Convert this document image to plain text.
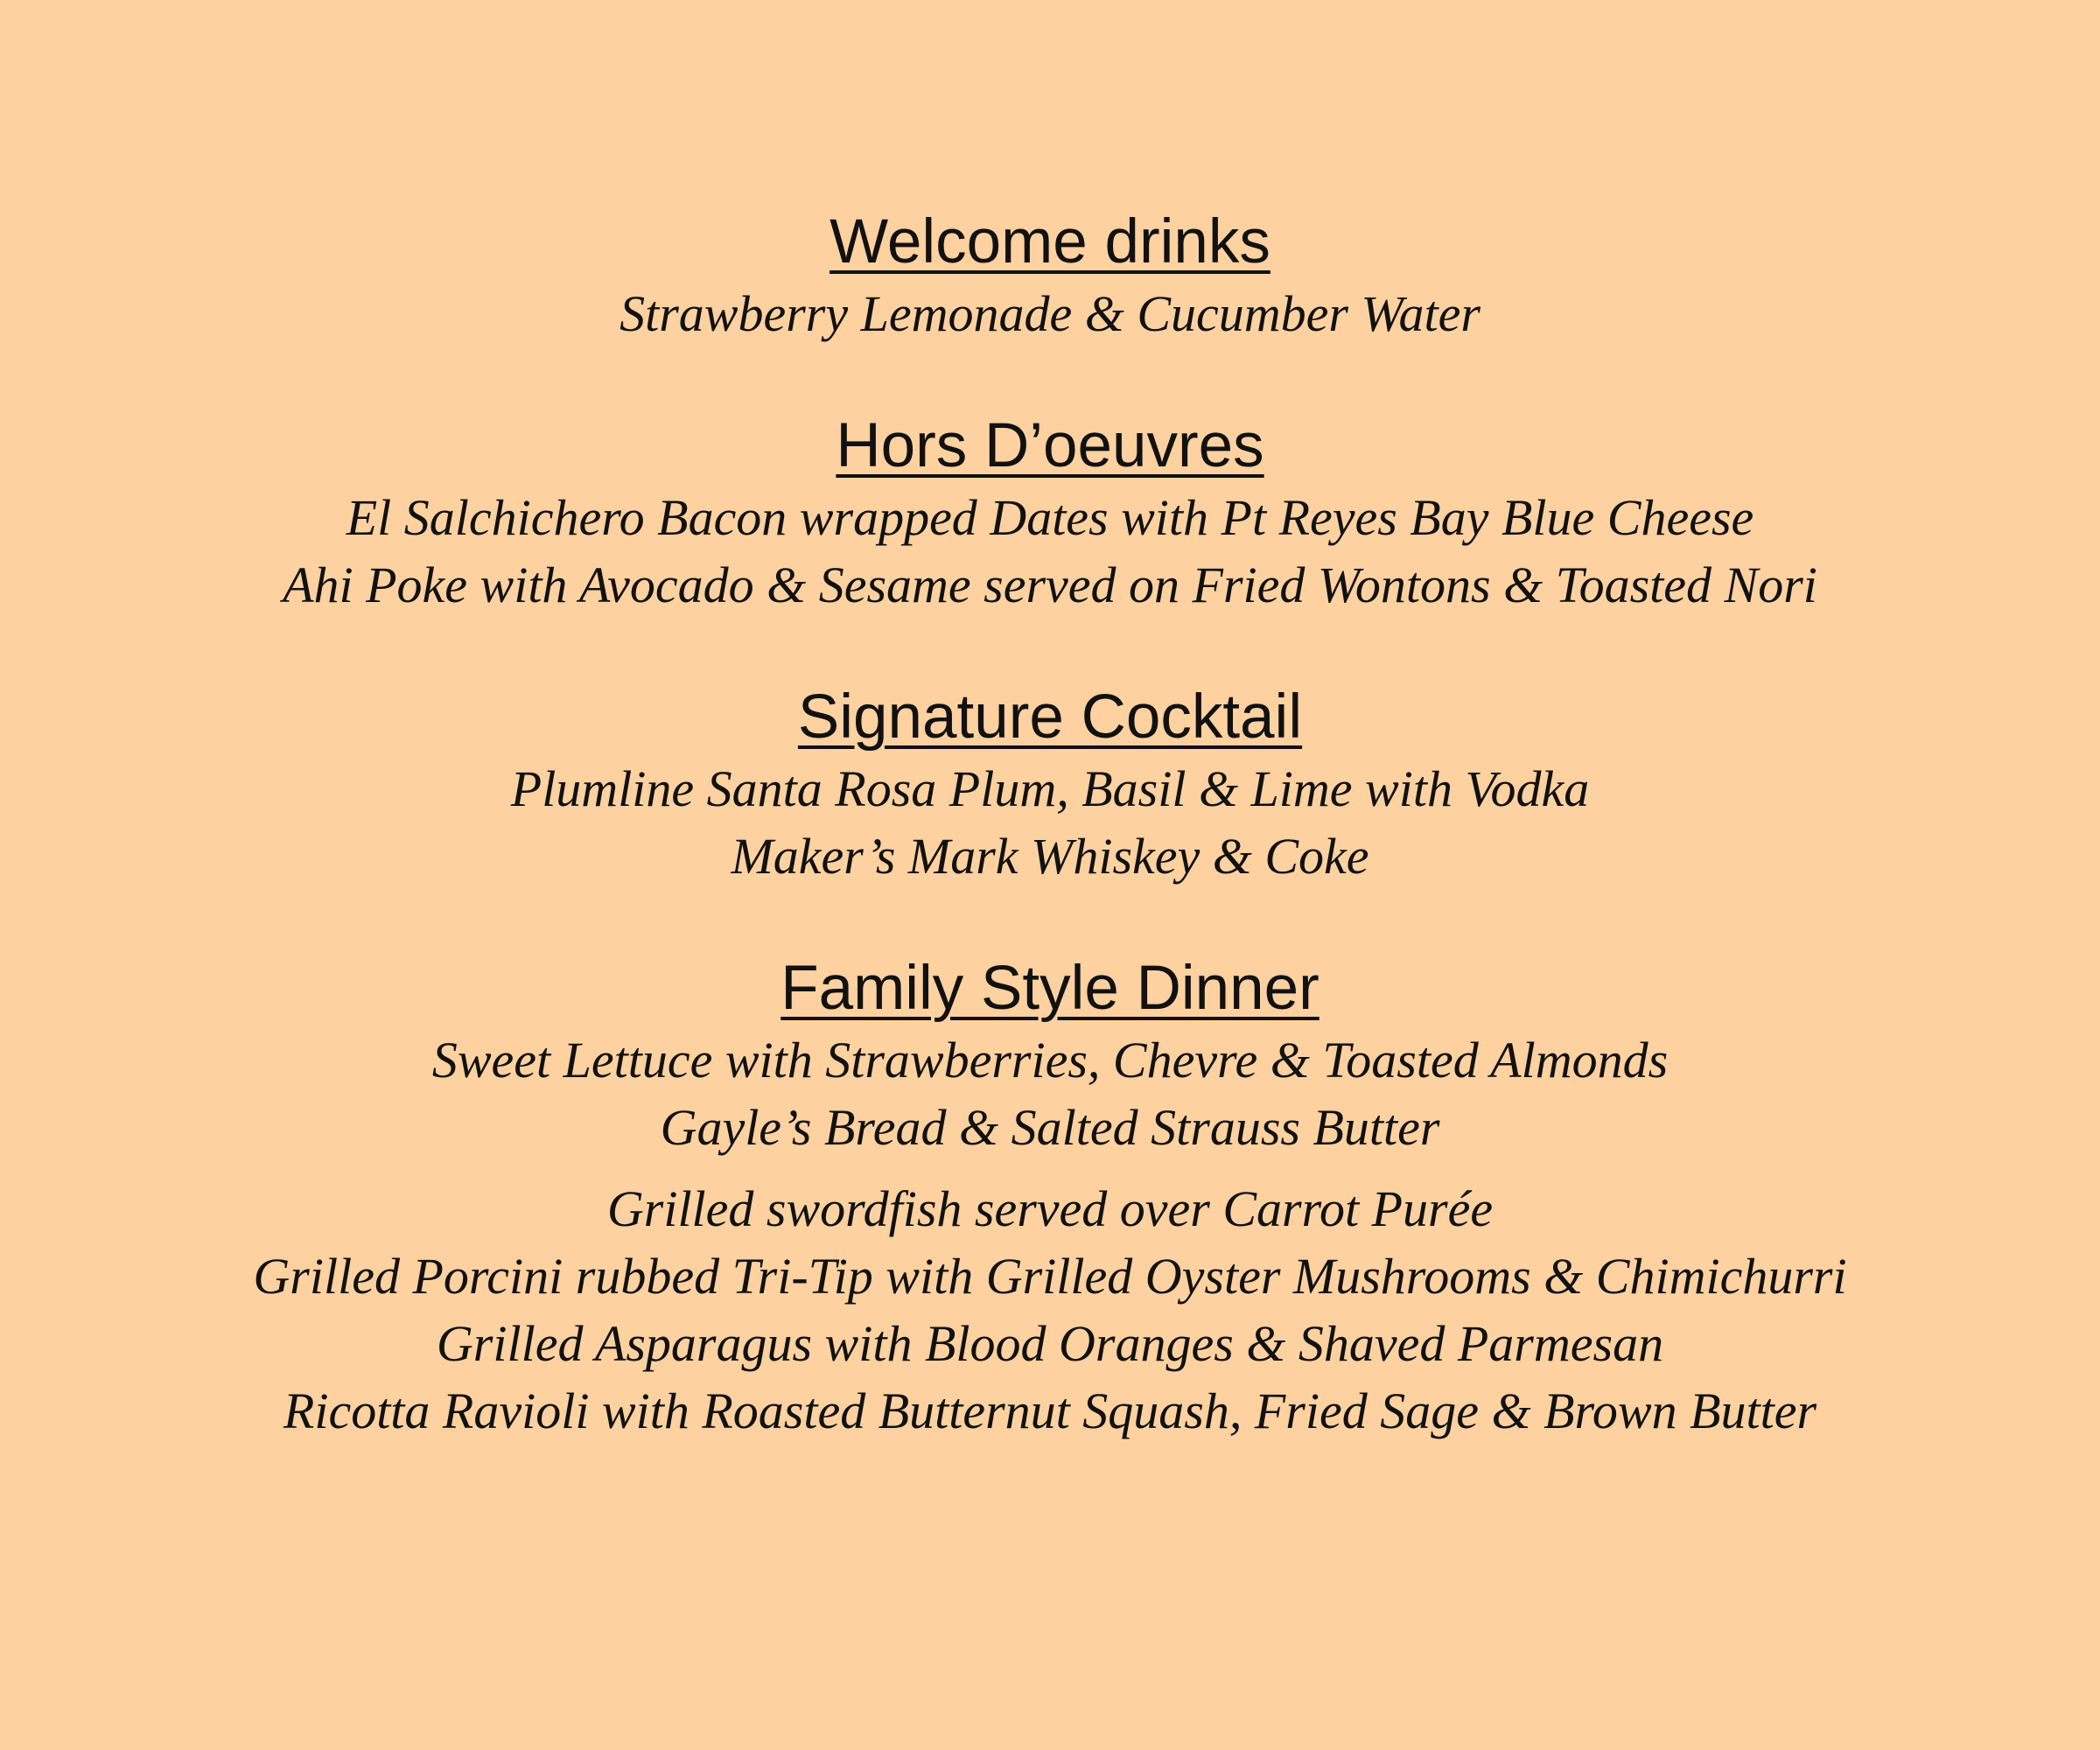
Welcome drinks
Strawberry Lemonade & Cucumber Water
Hors D’oeuvres
El Salchichero Bacon wrapped Dates with Pt Reyes Bay Blue Cheese
Ahi Poke with Avocado & Sesame served on Fried Wontons & Toasted Nori
Signature Cocktail
Plumline Santa Rosa Plum, Basil & Lime with Vodka
Maker’s Mark Whiskey & Coke
Family Style Dinner
Sweet Lettuce with Strawberries, Chevre & Toasted Almonds
Gayle’s Bread & Salted Strauss Butter
Grilled swordfish served over Carrot Purée
Grilled Porcini rubbed Tri-Tip with Grilled Oyster Mushrooms & Chimichurri
Grilled Asparagus with Blood Oranges & Shaved Parmesan
Ricotta Ravioli with Roasted Butternut Squash, Fried Sage & Brown Butter
